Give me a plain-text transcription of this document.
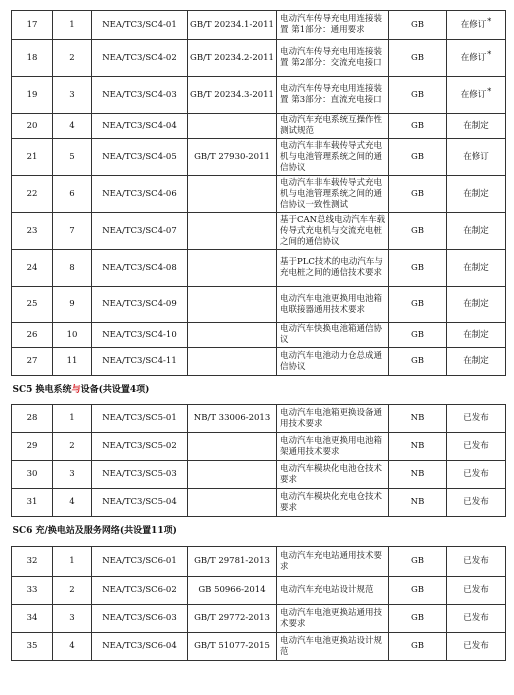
17	1	NEA/TC3/SC4-01	GB/T 20234.1-2011	电动汽车传导充电用连接装置 第1部分：通用要求	GB	在修订*
18	2	NEA/TC3/SC4-02	GB/T 20234.2-2011	电动汽车传导充电用连接装置 第2部分：交流充电接口	GB	在修订*
19	3	NEA/TC3/SC4-03	GB/T 20234.3-2011	电动汽车传导充电用连接装置 第3部分：直流充电接口	GB	在修订*
20	4	NEA/TC3/SC4-04		电动汽车充电系统互操作性测试规范	GB	在制定
21	5	NEA/TC3/SC4-05	GB/T 27930-2011	电动汽车非车载传导式充电机与电池管理系统之间的通信协议	GB	在修订
22	6	NEA/TC3/SC4-06		电动汽车非车载传导式充电机与电池管理系统之间的通信协议一致性测试	GB	在制定
23	7	NEA/TC3/SC4-07		基于CAN总线电动汽车车载传导式充电机与交流充电桩之间的通信协议	GB	在制定
24	8	NEA/TC3/SC4-08		基于PLC技术的电动汽车与充电桩之间的通信技术要求	GB	在制定
25	9	NEA/TC3/SC4-09		电动汽车电池更换用电池箱电联接器通用技术要求	GB	在制定
26	10	NEA/TC3/SC4-10		电动汽车快换电池箱通信协议	GB	在制定
27	11	NEA/TC3/SC4-11		电动汽车电池动力仓总成通信协议	GB	在制定
SC5 换电系统与设备(共设置4项)						
28	1	NEA/TC3/SC5-01	NB/T 33006-2013	电动汽车电池箱更换设备通用技术要求	NB	已发布
29	2	NEA/TC3/SC5-02		电动汽车电池更换用电池箱架通用技术要求	NB	已发布
30	3	NEA/TC3/SC5-03		电动汽车模块化电池仓技术要求	NB	已发布
31	4	NEA/TC3/SC5-04		电动汽车模块化充电仓技术要求	NB	已发布
SC6 充/换电站及服务网络(共设置11项)						
32	1	NEA/TC3/SC6-01	GB/T 29781-2013	电动汽车充电站通用技术要求	GB	已发布
33	2	NEA/TC3/SC6-02	GB 50966-2014	电动汽车充电站设计规范	GB	已发布
34	3	NEA/TC3/SC6-03	GB/T 29772-2013	电动汽车电池更换站通用技术要求	GB	已发布
35	4	NEA/TC3/SC6-04	GB/T 51077-2015	电动汽车电池更换站设计规范	GB	已发布
